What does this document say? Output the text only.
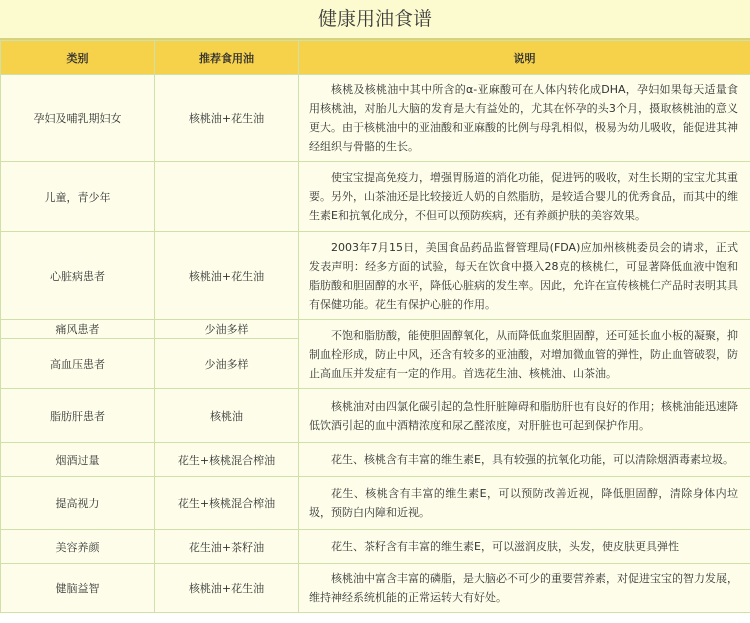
健康用油食谱
类别	推荐食用油	说明
孕妇及哺乳期妇女	核桃油+花生油	核桃及核桃油中其中所含的α-亚麻酸可在人体内转化成DHA，孕妇如果每天适量食用核桃油，对胎儿大脑的发育是大有益处的，尤其在怀孕的头3个月，摄取核桃油的意义更大。由于核桃油中的亚油酸和亚麻酸的比例与母乳相似，极易为幼儿吸收，能促进其神经组织与骨骼的生长。
儿童，青少年		使宝宝提高免疫力，增强胃肠道的消化功能，促进钙的吸收，对生长期的宝宝尤其重要。另外，山茶油还是比较接近人奶的自然脂肪，是较适合婴儿的优秀食品，而其中的维生素E和抗氧化成分，不但可以预防疾病，还有养颜护肤的美容效果。
心脏病患者	核桃油+花生油	2003年7月15日，美国食品药品监督管理局(FDA)应加州核桃委员会的请求，正式发表声明：经多方面的试验，每天在饮食中摄入28克的核桃仁，可显著降低血液中饱和脂肪酸和胆固醇的水平，降低心脏病的发生率。因此，允许在宣传核桃仁产品时表明其具有保健功能。花生有保护心脏的作用。
痛风患者	少油多样	不饱和脂肪酸，能使胆固醇氧化，从而降低血浆胆固醇，还可延长血小板的凝聚，抑制血栓形成，防止中风，还含有较多的亚油酸，对增加微血管的弹性，防止血管破裂，防止高血压并发症有一定的作用。首选花生油、核桃油、山茶油。
高血压患者	少油多样	
脂肪肝患者	核桃油	核桃油对由四氯化碳引起的急性肝脏障碍和脂肪肝也有良好的作用；核桃油能迅速降低饮酒引起的血中酒精浓度和尿乙醛浓度，对肝脏也可起到保护作用。
烟酒过量	花生+核桃混合榨油	花生、核桃含有丰富的维生素E，具有较强的抗氧化功能，可以清除烟酒毒素垃圾。
提高视力	花生+核桃混合榨油	花生、核桃含有丰富的维生素E，可以预防改善近视，降低胆固醇，清除身体内垃圾，预防白内障和近视。
美容养颜	花生油+茶籽油	花生、茶籽含有丰富的维生素E，可以滋润皮肤，头发，使皮肤更具弹性
健脑益智	核桃油+花生油	核桃油中富含丰富的磷脂，是大脑必不可少的重要营养素，对促进宝宝的智力发展，维持神经系统机能的正常运转大有好处。
